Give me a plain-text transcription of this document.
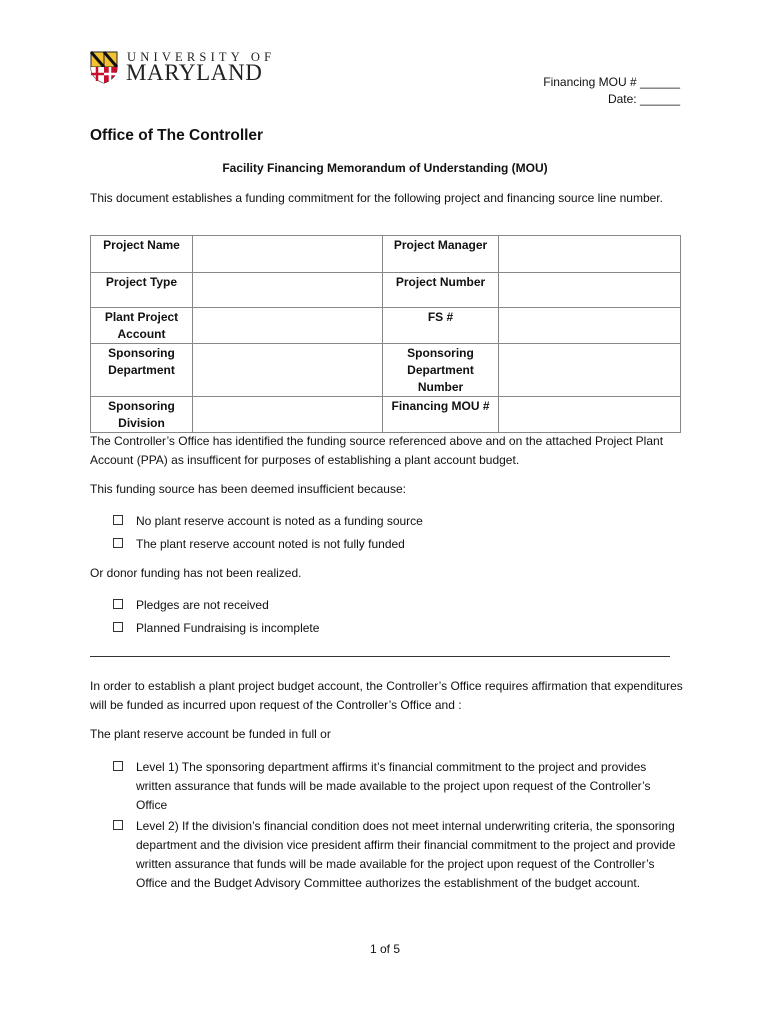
UNIVERSITY OF
MARYLAND	Financing MOU # ______
Date: ______
Office of The Controller
Facility Financing Memorandum of Understanding (MOU)
This document establishes a funding commitment for the following project and financing source line number.
Project Name		Project Manager	
Project Type		Project Number	
Plant Project Account		FS #	
Sponsoring Department		Sponsoring Department Number	
Sponsoring Division		Financing MOU #	
The Controller’s Office has identified the funding source referenced above and on the attached Project Plant Account (PPA) as insufficent for purposes of establishing a plant account budget.
This funding source has been deemed insufficient because:
No plant reserve account is noted as a funding source
The plant reserve account noted is not fully funded
Or donor funding has not been realized.
Pledges are not received
Planned Fundraising is incomplete
In order to establish a plant project budget account, the Controller’s Office requires affirmation that expenditures will be funded as incurred upon request of the Controller’s Office and :
The plant reserve account be funded in full or
Level 1) The sponsoring department affirms it’s financial commitment to the project and provides written assurance that funds will be made available to the project upon request of the Controller’s Office
Level 2) If the division’s financial condition does not meet internal underwriting criteria, the sponsoring department and the division vice president affirm their financial commitment to the project and provide written assurance that funds will be made available for the project upon request of the Controller’s Office and the Budget Advisory Committee authorizes the establishment of the budget account.
1 of 5
